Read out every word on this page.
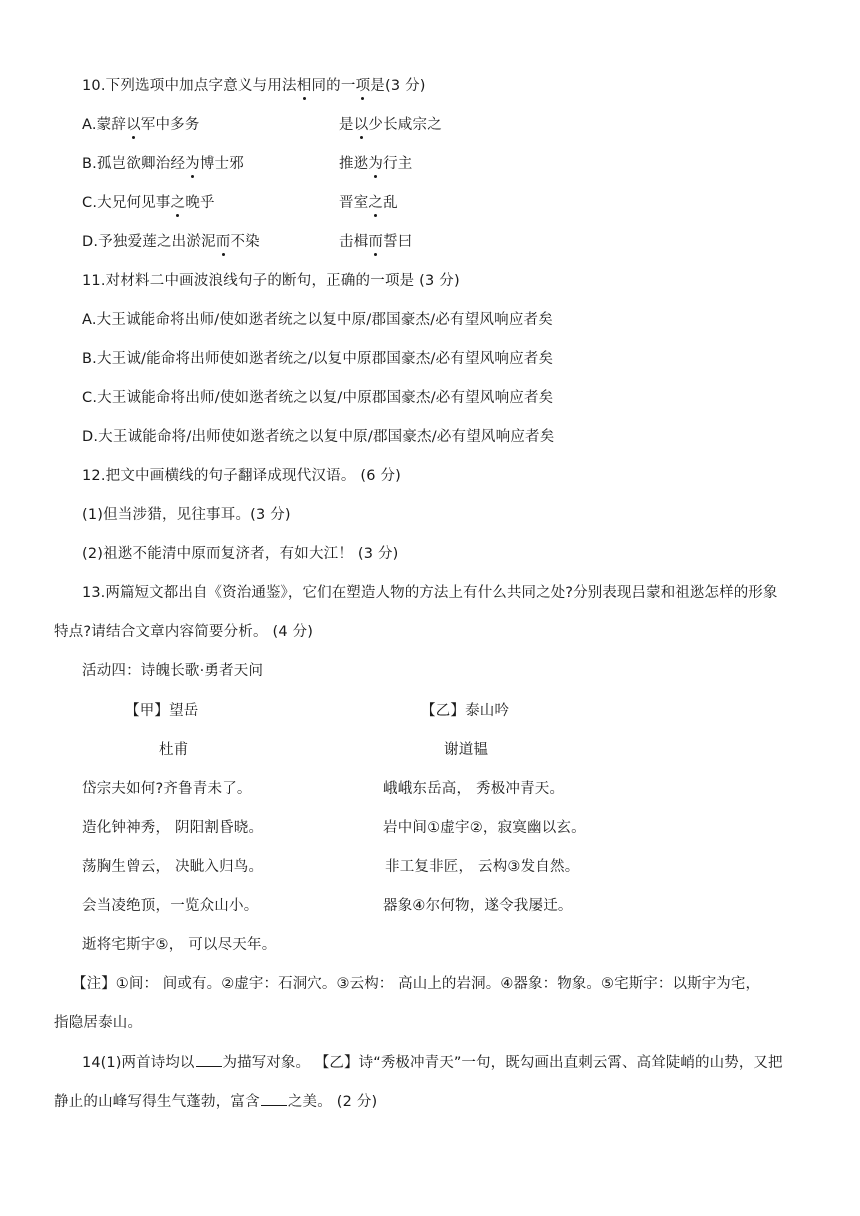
10.下列选项中加点字意义与用法相同的一项是(3 分)
A.蒙辞以军中多务	是以少长咸宗之
B.孤岂欲卿治经为博士邪	推逖为行主
C.大兄何见事之晚乎	晋室之乱
D.予独爱莲之出淤泥而不染	击楫而誓曰
11.对材料二中画波浪线句子的断句，正确的一项是 (3 分)
A.大王诚能命将出师/使如逖者统之以复中原/郡国豪杰/必有望风响应者矣
B.大王诚/能命将出师使如逖者统之/以复中原郡国豪杰/必有望风响应者矣
C.大王诚能命将出师/使如逖者统之以复/中原郡国豪杰/必有望风响应者矣
D.大王诚能命将/出师使如逖者统之以复中原/郡国豪杰/必有望风响应者矣
12.把文中画横线的句子翻译成现代汉语。 (6 分)
(1)但当涉猎，见往事耳。(3 分)
(2)祖逖不能清中原而复济者，有如大江！ (3 分)
13.两篇短文都出自《资治通鉴》，它们在塑造人物的方法上有什么共同之处?分别表现吕蒙和祖逖怎样的形象
特点?请结合文章内容简要分析。 (4 分)
活动四：诗魄长歌·勇者天问
【甲】望岳	【乙】泰山吟
杜甫	谢道韫
岱宗夫如何?齐鲁青未了。	峨峨东岳高， 秀极冲青天。
造化钟神秀， 阴阳割昏晓。	岩中间①虚宇②，寂寞幽以玄。
荡胸生曾云， 决眦入归鸟。	非工复非匠， 云构③发自然。
会当凌绝顶，一览众山小。	器象④尔何物，遂令我屡迁。
逝将宅斯宇⑤， 可以尽天年。
【注】①间： 间或有。②虚宇：石洞穴。③云构： 高山上的岩洞。④器象：物象。⑤宅斯宇：以斯宇为宅，
指隐居泰山。
14(1)两首诗均以 为描写对象。 【乙】诗“秀极冲青天”一句，既勾画出直刺云霄、高耸陡峭的山势，又把
静止的山峰写得生气蓬勃，富含 之美。 (2 分)
